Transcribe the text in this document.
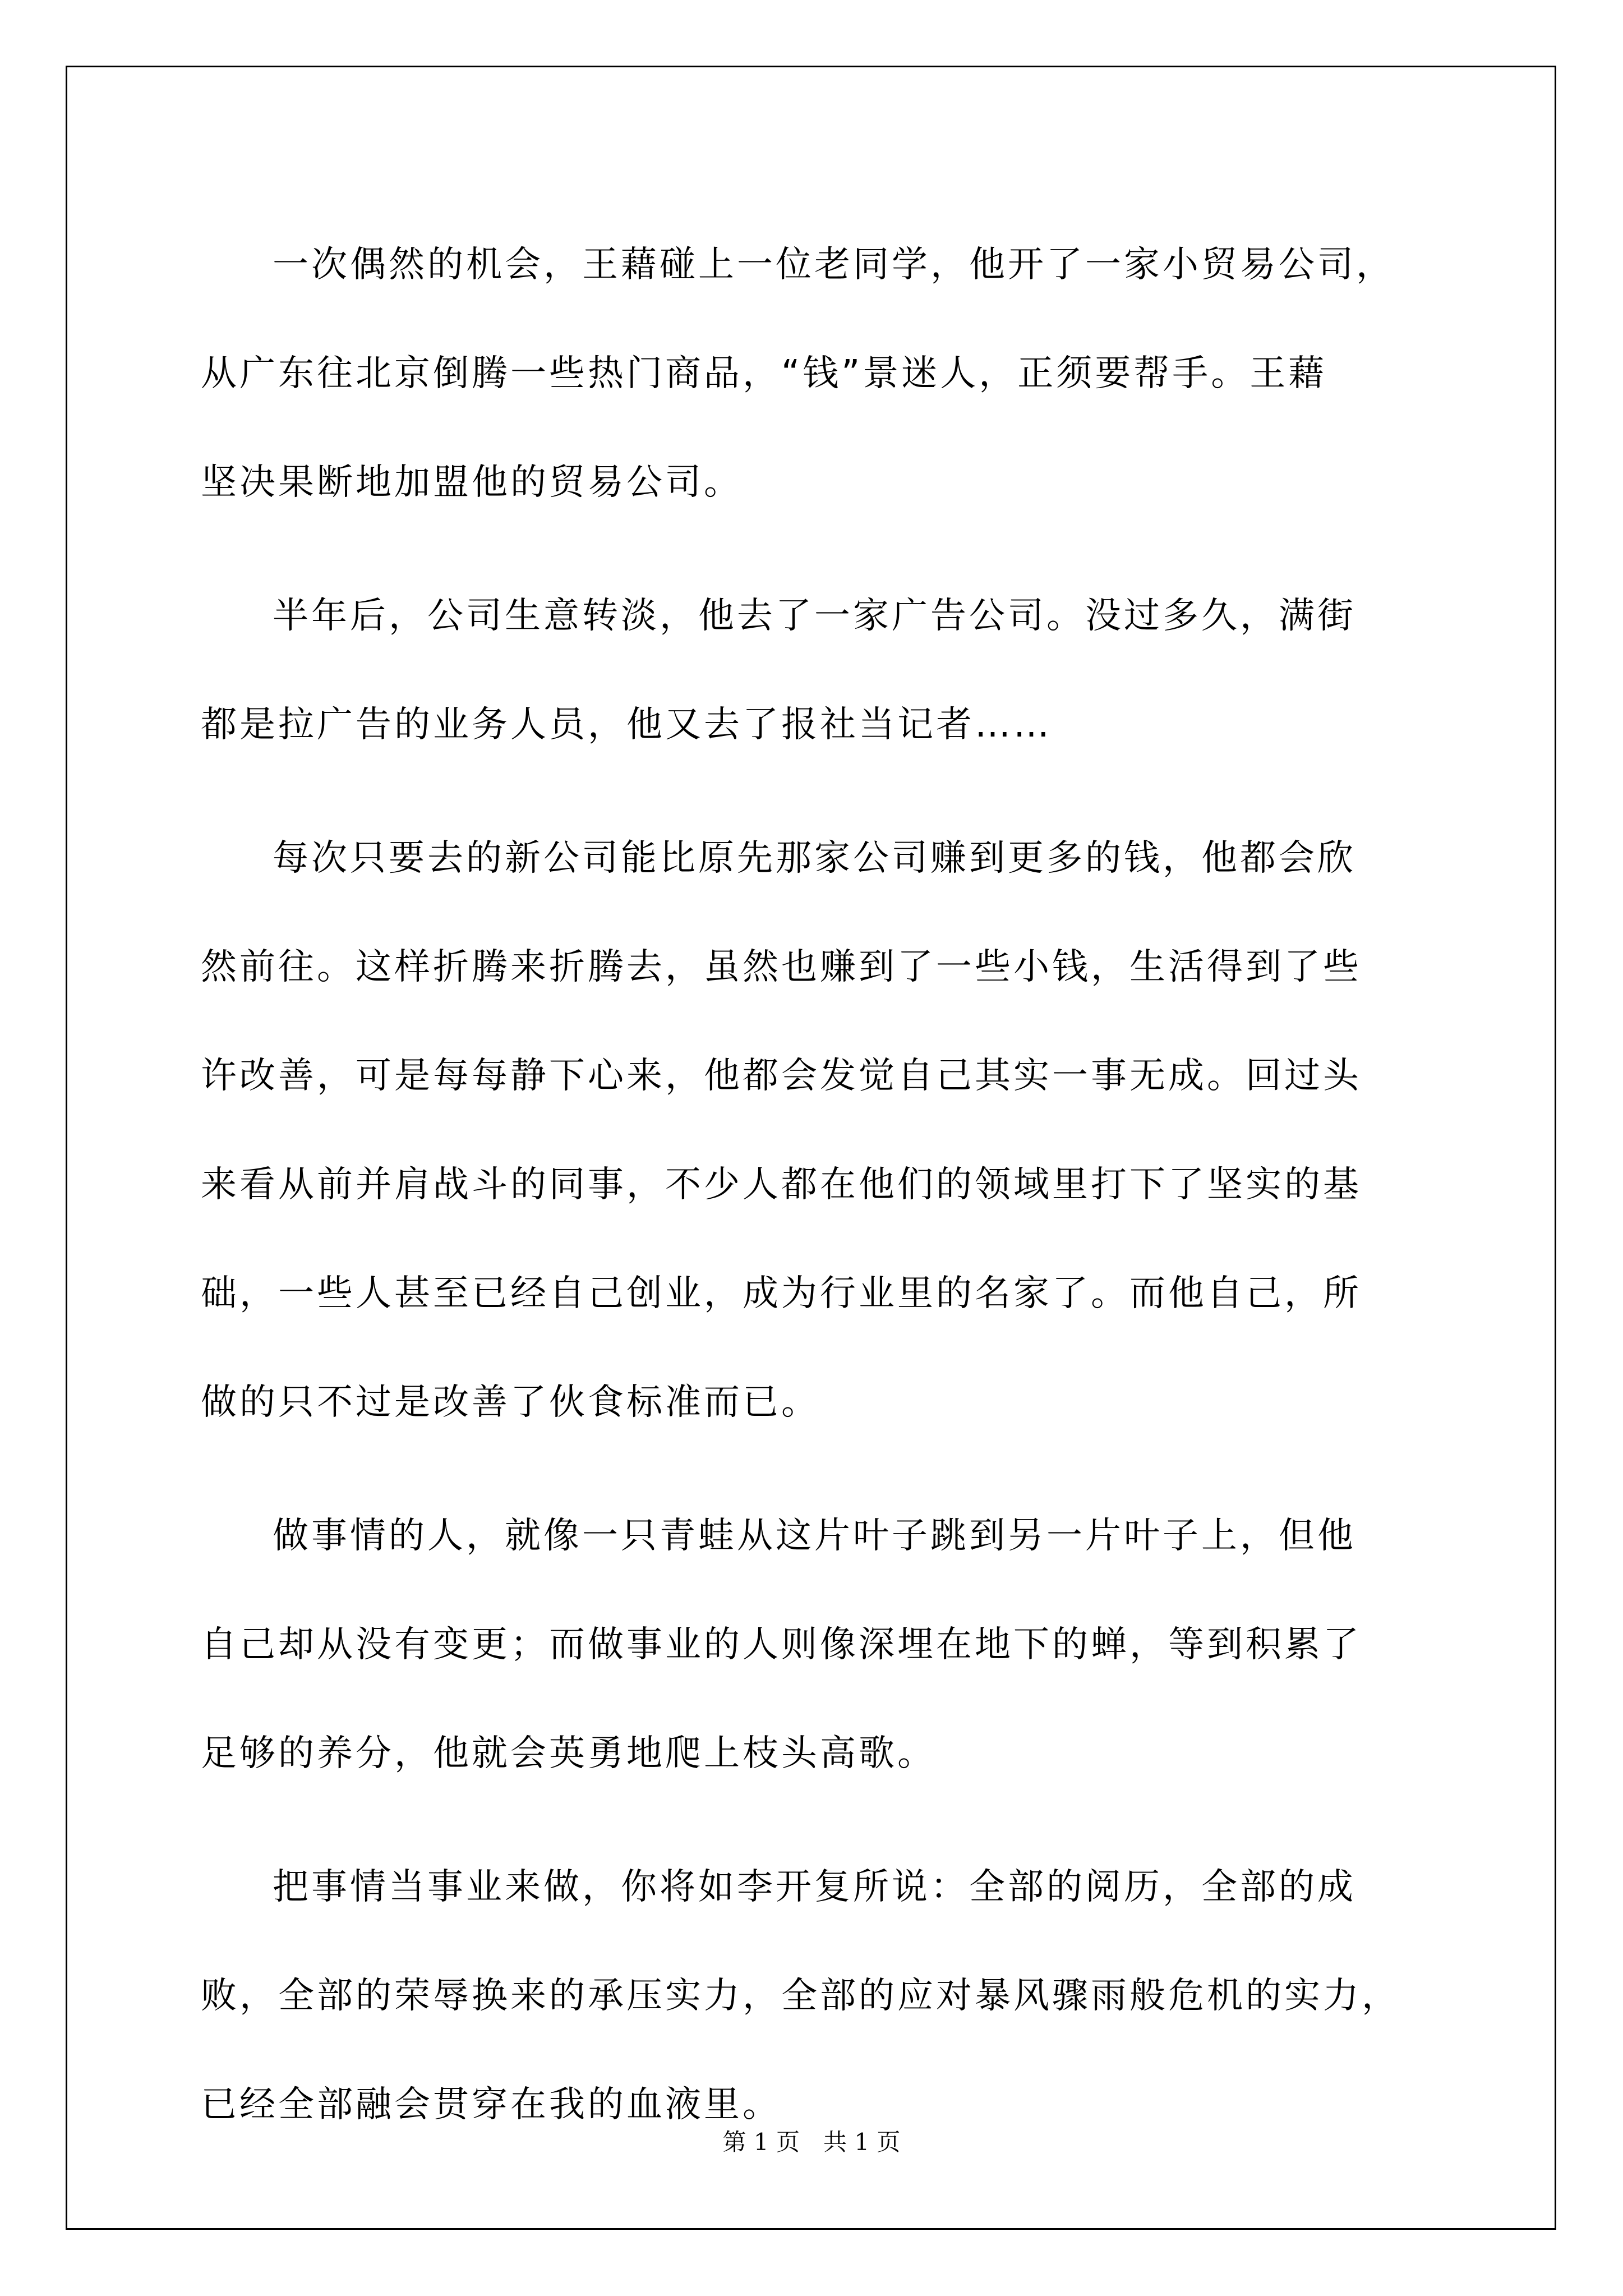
一次偶然的机会，王藉碰上一位老同学，他开了一家小贸易公司，
从广东往北京倒腾一些热门商品，“钱”景迷人，正须要帮手。王藉
坚决果断地加盟他的贸易公司。

半年后，公司生意转淡，他去了一家广告公司。没过多久，满街
都是拉广告的业务人员，他又去了报社当记者……

每次只要去的新公司能比原先那家公司赚到更多的钱，他都会欣
然前往。这样折腾来折腾去，虽然也赚到了一些小钱，生活得到了些
许改善，可是每每静下心来，他都会发觉自己其实一事无成。回过头
来看从前并肩战斗的同事，不少人都在他们的领域里打下了坚实的基
础，一些人甚至已经自己创业，成为行业里的名家了。而他自己，所
做的只不过是改善了伙食标准而已。

做事情的人，就像一只青蛙从这片叶子跳到另一片叶子上，但他
自己却从没有变更；而做事业的人则像深埋在地下的蝉，等到积累了
足够的养分，他就会英勇地爬上枝头高歌。

把事情当事业来做，你将如李开复所说：全部的阅历，全部的成
败，全部的荣辱换来的承压实力，全部的应对暴风骤雨般危机的实力，
已经全部融会贯穿在我的血液里。

第 1 页　共 1 页
